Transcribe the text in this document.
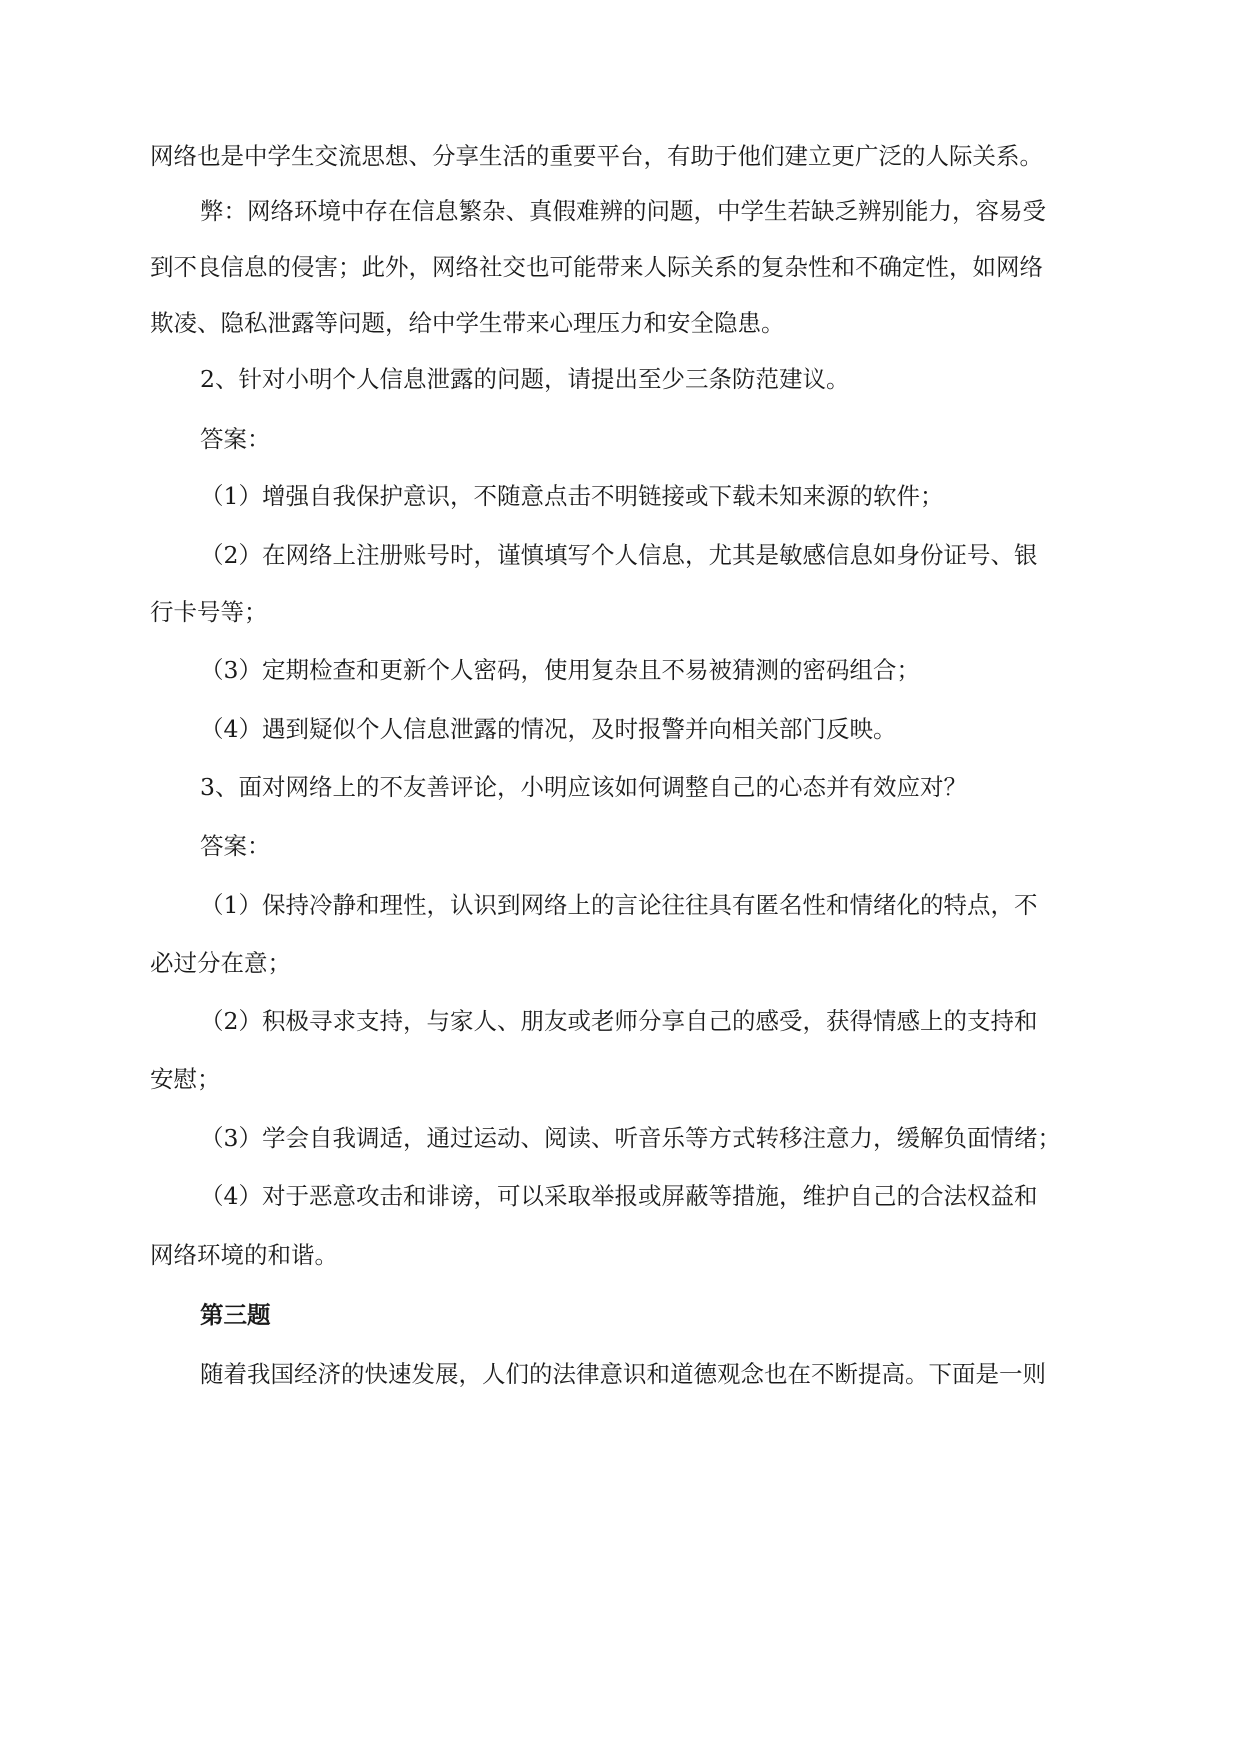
网络也是中学生交流思想、分享生活的重要平台，有助于他们建立更广泛的人际关系。
弊：网络环境中存在信息繁杂、真假难辨的问题，中学生若缺乏辨别能力，容易受
到不良信息的侵害；此外，网络社交也可能带来人际关系的复杂性和不确定性，如网络
欺凌、隐私泄露等问题，给中学生带来心理压力和安全隐患。
2、针对小明个人信息泄露的问题，请提出至少三条防范建议。
答案：
（1）增强自我保护意识，不随意点击不明链接或下载未知来源的软件；
（2）在网络上注册账号时，谨慎填写个人信息，尤其是敏感信息如身份证号、银
行卡号等；
（3）定期检查和更新个人密码，使用复杂且不易被猜测的密码组合；
（4）遇到疑似个人信息泄露的情况，及时报警并向相关部门反映。
3、面对网络上的不友善评论，小明应该如何调整自己的心态并有效应对？
答案：
（1）保持冷静和理性，认识到网络上的言论往往具有匿名性和情绪化的特点，不
必过分在意；
（2）积极寻求支持，与家人、朋友或老师分享自己的感受，获得情感上的支持和
安慰；
（3）学会自我调适，通过运动、阅读、听音乐等方式转移注意力，缓解负面情绪；
（4）对于恶意攻击和诽谤，可以采取举报或屏蔽等措施，维护自己的合法权益和
网络环境的和谐。
第三题
随着我国经济的快速发展，人们的法律意识和道德观念也在不断提高。下面是一则
